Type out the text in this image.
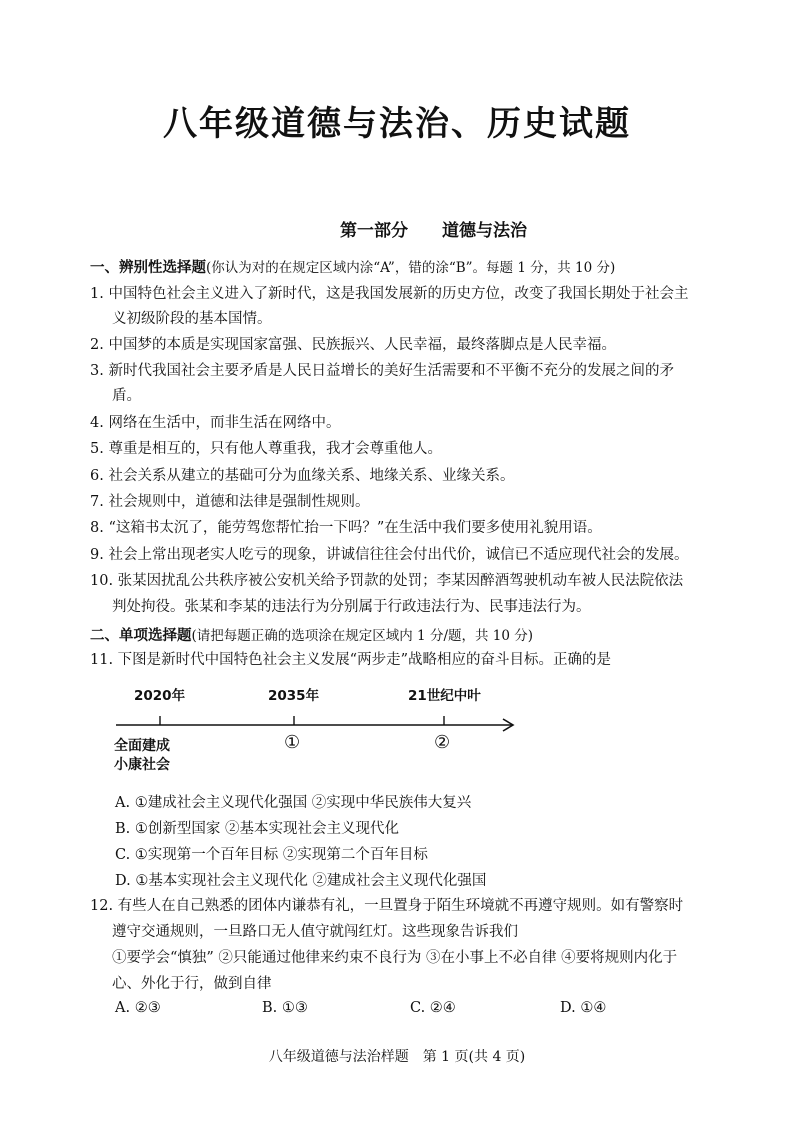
八年级道德与法治、历史试题
第一部分　　道德与法治
一、辨别性选择题(你认为对的在规定区域内涂“A”，错的涂“B”。每题 1 分，共 10 分)
1. 中国特色社会主义进入了新时代，这是我国发展新的历史方位，改变了我国长期处于社会主
义初级阶段的基本国情。
2. 中国梦的本质是实现国家富强、民族振兴、人民幸福，最终落脚点是人民幸福。
3. 新时代我国社会主要矛盾是人民日益增长的美好生活需要和不平衡不充分的发展之间的矛
盾。
4. 网络在生活中，而非生活在网络中。
5. 尊重是相互的，只有他人尊重我，我才会尊重他人。
6. 社会关系从建立的基础可分为血缘关系、地缘关系、业缘关系。
7. 社会规则中，道德和法律是强制性规则。
8. “这箱书太沉了，能劳驾您帮忙抬一下吗？”在生活中我们要多使用礼貌用语。
9. 社会上常出现老实人吃亏的现象，讲诚信往往会付出代价，诚信已不适应现代社会的发展。
10. 张某因扰乱公共秩序被公安机关给予罚款的处罚；李某因醉酒驾驶机动车被人民法院依法
判处拘役。张某和李某的违法行为分别属于行政违法行为、民事违法行为。
二、单项选择题(请把每题正确的选项涂在规定区域内 1 分/题，共 10 分)
11. 下图是新时代中国特色社会主义发展“两步走”战略相应的奋斗目标。正确的是
2020年	2035年	21世纪中叶
全面建成
小康社会
①	②
A. ①建成社会主义现代化强国 ②实现中华民族伟大复兴
B. ①创新型国家 ②基本实现社会主义现代化
C. ①实现第一个百年目标 ②实现第二个百年目标
D. ①基本实现社会主义现代化 ②建成社会主义现代化强国
12. 有些人在自己熟悉的团体内谦恭有礼，一旦置身于陌生环境就不再遵守规则。如有警察时
遵守交通规则，一旦路口无人值守就闯红灯。这些现象告诉我们
①要学会“慎独” ②只能通过他律来约束不良行为 ③在小事上不必自律 ④要将规则内化于
心、外化于行，做到自律
A. ②③	B. ①③	C. ②④	D. ①④
八年级道德与法治样题　第 1 页(共 4 页)
